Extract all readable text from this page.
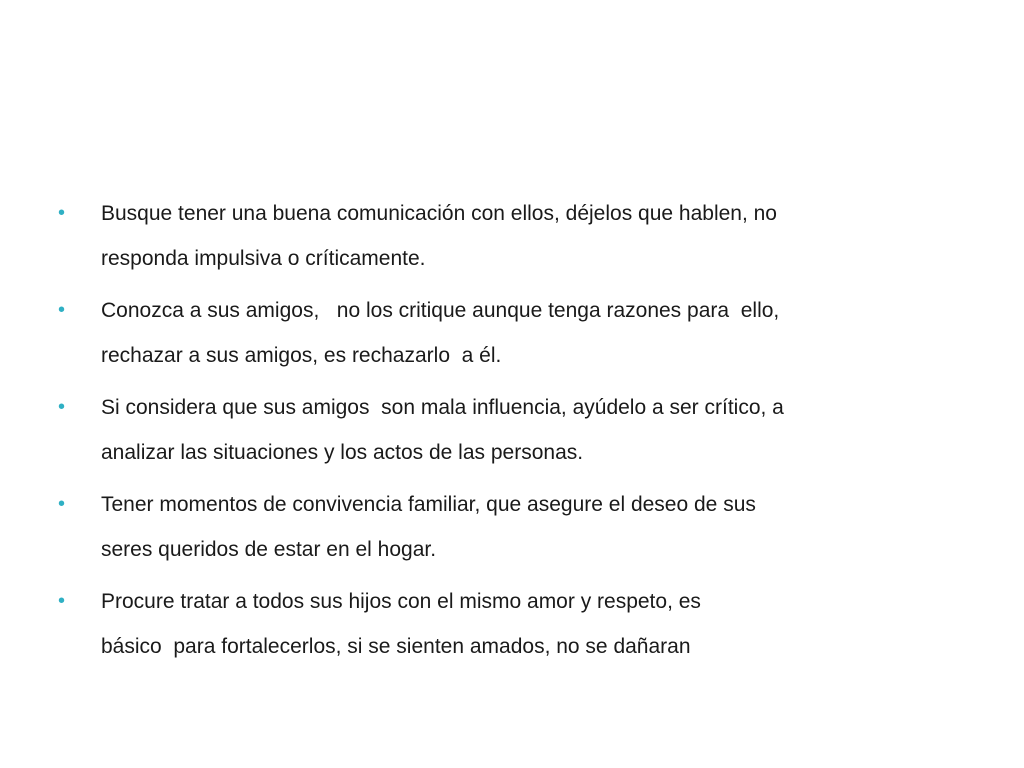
• Busque tener una buena comunicación con ellos, déjelos que hablen, no
responda impulsiva o críticamente.
• Conozca a sus amigos,   no los critique aunque tenga razones para  ello,
rechazar a sus amigos, es rechazarlo  a él.
• Si considera que sus amigos  son mala influencia, ayúdelo a ser crítico, a
analizar las situaciones y los actos de las personas.
• Tener momentos de convivencia familiar, que asegure el deseo de sus
seres queridos de estar en el hogar.
• Procure tratar a todos sus hijos con el mismo amor y respeto, es
básico  para fortalecerlos, si se sienten amados, no se dañaran
